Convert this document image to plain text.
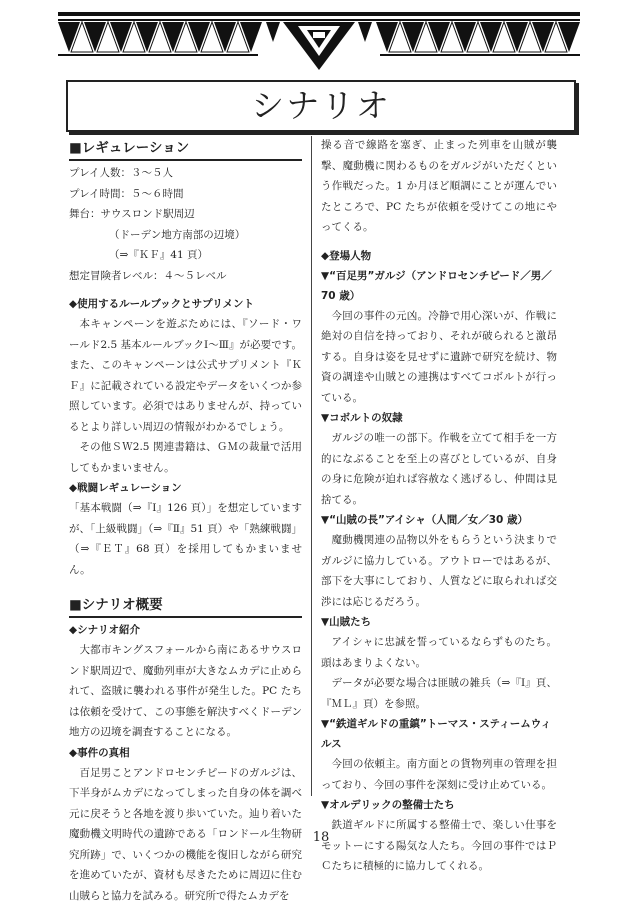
シナリオ
■レギュレーション

プレイ人数：３～５人

プレイ時間：５～６時間

舞台：サウスロンド駅周辺

（ドーデン地方南部の辺境）

（⇒『ＫＦ』41 頁）

想定冒険者レベル：４～５レベル

◆使用するルールブックとサプリメント

本キャンペーンを遊ぶためには、『ソード・ワールド2.5 基本ルールブックⅠ～Ⅲ』が必要です。また、このキャンペーンは公式サプリメント『ＫＦ』に記載されている設定やデータをいくつか参照しています。必須ではありませんが、持っているとより詳しい周辺の情報がわかるでしょう。

その他ＳＷ2.5 関連書籍は、ＧＭの裁量で活用してもかまいません。

◆戦闘レギュレーション

「基本戦闘（⇒『Ⅰ』126 頁）」を想定していますが、「上級戦闘」（⇒『Ⅱ』51 頁）や「熟練戦闘」（⇒『ＥＴ』68 頁）を採用してもかまいません。

■シナリオ概要
◆シナリオ紹介

大都市キングスフォールから南にあるサウスロンド駅周辺で、魔動列車が大きなムカデに止められて、盗賊に襲われる事件が発生した。PC たちは依頼を受けて、この事態を解決すべくドーデン地方の辺境を調査することになる。

◆事件の真相

百足男ことアンドロセンチピードのガルジは、下半身がムカデになってしまった自身の体を調べ元に戻そうと各地を渡り歩いていた。辿り着いた魔動機文明時代の遺跡である「ロンドール生物研究所跡」で、いくつかの機能を復旧しながら研究を進めていたが、資材も尽きたために周辺に住む山賊らと協力を試みる。研究所で得たムカデを

操る音で線路を塞ぎ、止まった列車を山賊が襲撃、魔動機に関わるものをガルジがいただくという作戦だった。1 か月ほど順調にことが運んでいたところで、PC たちが依頼を受けてこの地にやってくる。

◆登場人物
▼“百足男”ガルジ（アンドロセンチピード／男／70 歳）

今回の事件の元凶。冷静で用心深いが、作戦に絶対の自信を持っており、それが破られると激昂する。自身は姿を見せずに遺跡で研究を続け、物資の調達や山賊との連携はすべてコボルトが行っている。

▼コボルトの奴隷

ガルジの唯一の部下。作戦を立てて相手を一方的になぶることを至上の喜びとしているが、自身の身に危険が迫れば容赦なく逃げるし、仲間は見捨てる。

▼“山賊の長”アイシャ（人間／女／30 歳）

魔動機関連の品物以外をもらうという決まりでガルジに協力している。アウトローではあるが、部下を大事にしており、人質などに取られれば交渉には応じるだろう。

▼山賊たち

アイシャに忠誠を誓っているならずものたち。頭はあまりよくない。

データが必要な場合は匪賊の雑兵（⇒『Ⅰ』頁、『ＭＬ』頁）を参照。

▼“鉄道ギルドの重鎮”トーマス・スティームウィルス

今回の依頼主。南方面との貨物列車の管理を担っており、今回の事件を深刻に受け止めている。

▼オルデリックの整備士たち

鉄道ギルドに所属する整備士で、楽しい仕事をモットーにする陽気な人たち。今回の事件ではＰＣたちに積極的に協力してくれる。

18
